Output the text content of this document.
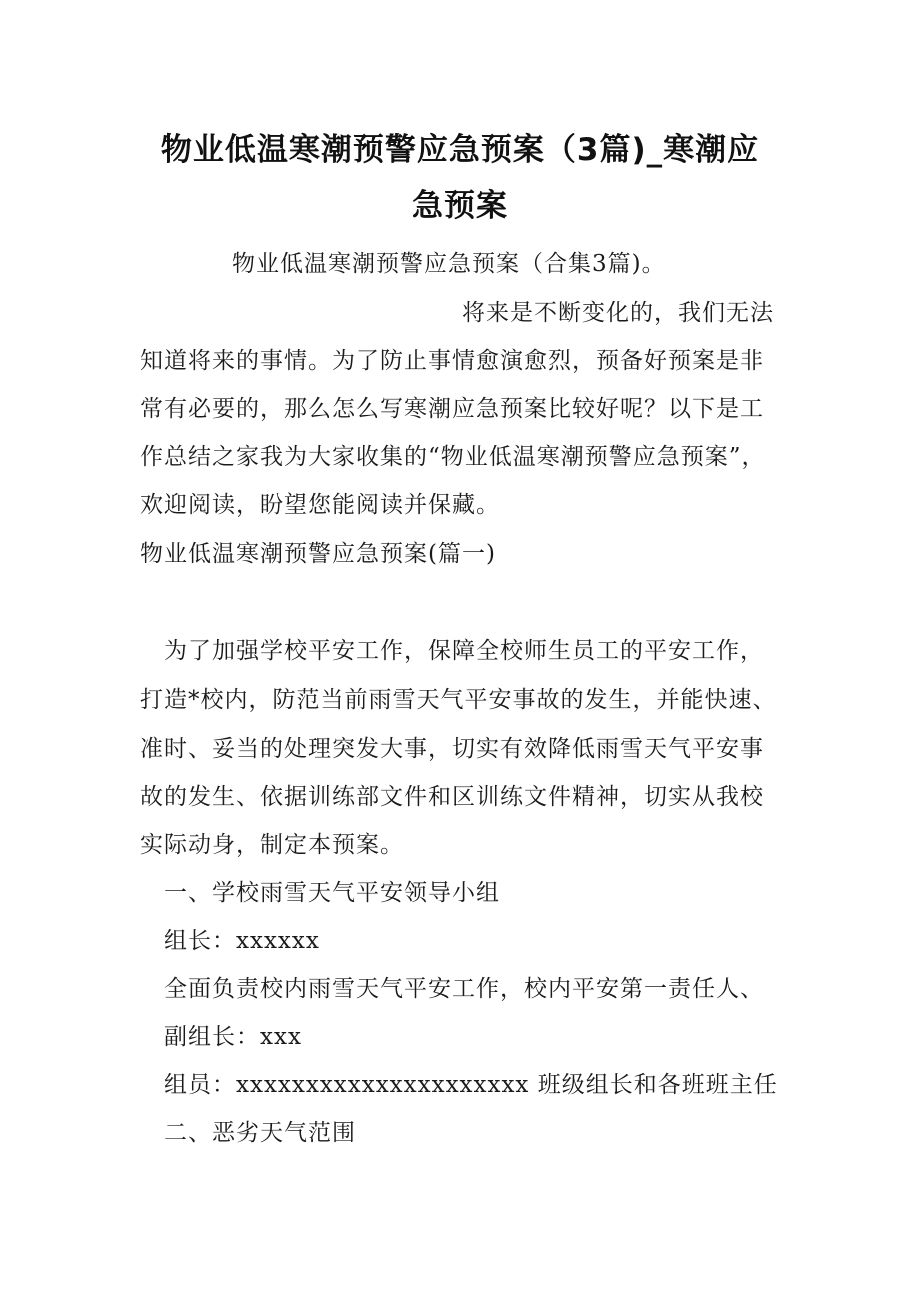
物业低温寒潮预警应急预案（3篇)_寒潮应
急预案
物业低温寒潮预警应急预案（合集3篇)。
将来是不断变化的，我们无法
知道将来的事情。为了防止事情愈演愈烈，预备好预案是非
常有必要的，那么怎么写寒潮应急预案比较好呢？以下是工
作总结之家我为大家收集的“物业低温寒潮预警应急预案”，
欢迎阅读，盼望您能阅读并保藏。
物业低温寒潮预警应急预案(篇一)
为了加强学校平安工作，保障全校师生员工的平安工作，
打造*校内，防范当前雨雪天气平安事故的发生，并能快速、
准时、妥当的处理突发大事，切实有效降低雨雪天气平安事
故的发生、依据训练部文件和区训练文件精神，切实从我校
实际动身，制定本预案。
一、学校雨雪天气平安领导小组
组长：xxxxxx
全面负责校内雨雪天气平安工作，校内平安第一责任人、
副组长：xxx
组员：xxxxxxxxxxxxxxxxxxxxx 班级组长和各班班主任
二、恶劣天气范围
